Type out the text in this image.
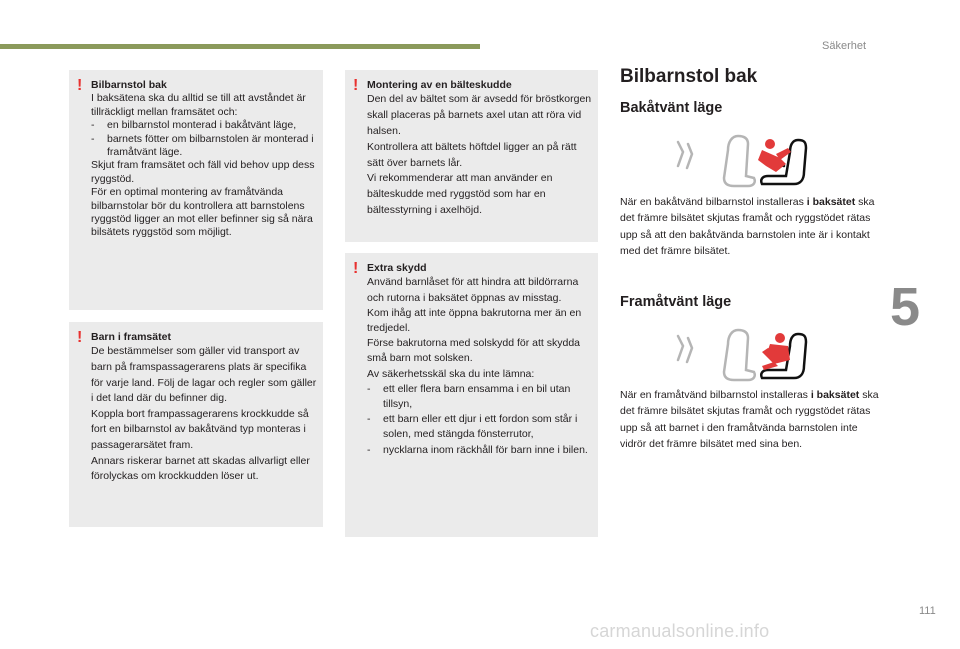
Säkerhet
5
111
carmanualsonline.info
! Bilbarnstol bak

I baksätena ska du alltid se till att avståndet är tillräckligt mellan framsätet och:

- en bilbarnstol monterad i bakåtvänt läge,
- barnets fötter om bilbarnstolen är monterad i framåtvänt läge.

Skjut fram framsätet och fäll vid behov upp dess ryggstöd.

För en optimal montering av framåtvända bilbarnstolar bör du kontrollera att barnstolens ryggstöd ligger an mot eller befinner sig så nära bilsätets ryggstöd som möjligt.

! Barn i framsätet

De bestämmelser som gäller vid transport av barn på framspassagerarens plats är specifika för varje land. Följ de lagar och regler som gäller i det land där du befinner dig.

Koppla bort frampassagerarens krockkudde så fort en bilbarnstol av bakåtvänd typ monteras i passagerarsätet fram.

Annars riskerar barnet att skadas allvarligt eller förolyckas om krockkudden löser ut.

! Montering av en bälteskudde

Den del av bältet som är avsedd för bröstkorgen skall placeras på barnets axel utan att röra vid halsen.

Kontrollera att bältets höftdel ligger an på rätt sätt över barnets lår.

Vi rekommenderar att man använder en bälteskudde med ryggstöd som har en bältesstyrning i axelhöjd.

! Extra skydd

Använd barnlåset för att hindra att bildörrarna och rutorna i baksätet öppnas av misstag.

Kom ihåg att inte öppna bakrutorna mer än en tredjedel.

Förse bakrutorna med solskydd för att skydda små barn mot solsken.

Av säkerhetsskäl ska du inte lämna:

- ett eller flera barn ensamma i en bil utan tillsyn,
- ett barn eller ett djur i ett fordon som står i solen, med stängda fönsterrutor,
- nycklarna inom räckhåll för barn inne i bilen.
Bilbarnstol bak
Bakåtvänt läge
När en bakåtvänd bilbarnstol installeras i baksätet ska det främre bilsätet skjutas framåt och ryggstödet rätas upp så att den bakåtvända barnstolen inte är i kontakt med det främre bilsätet.
Framåtvänt läge
När en framåtvänd bilbarnstol installeras i baksätet ska det främre bilsätet skjutas framåt och ryggstödet rätas upp så att barnet i den framåtvända barnstolen inte vidrör det främre bilsätet med sina ben.
